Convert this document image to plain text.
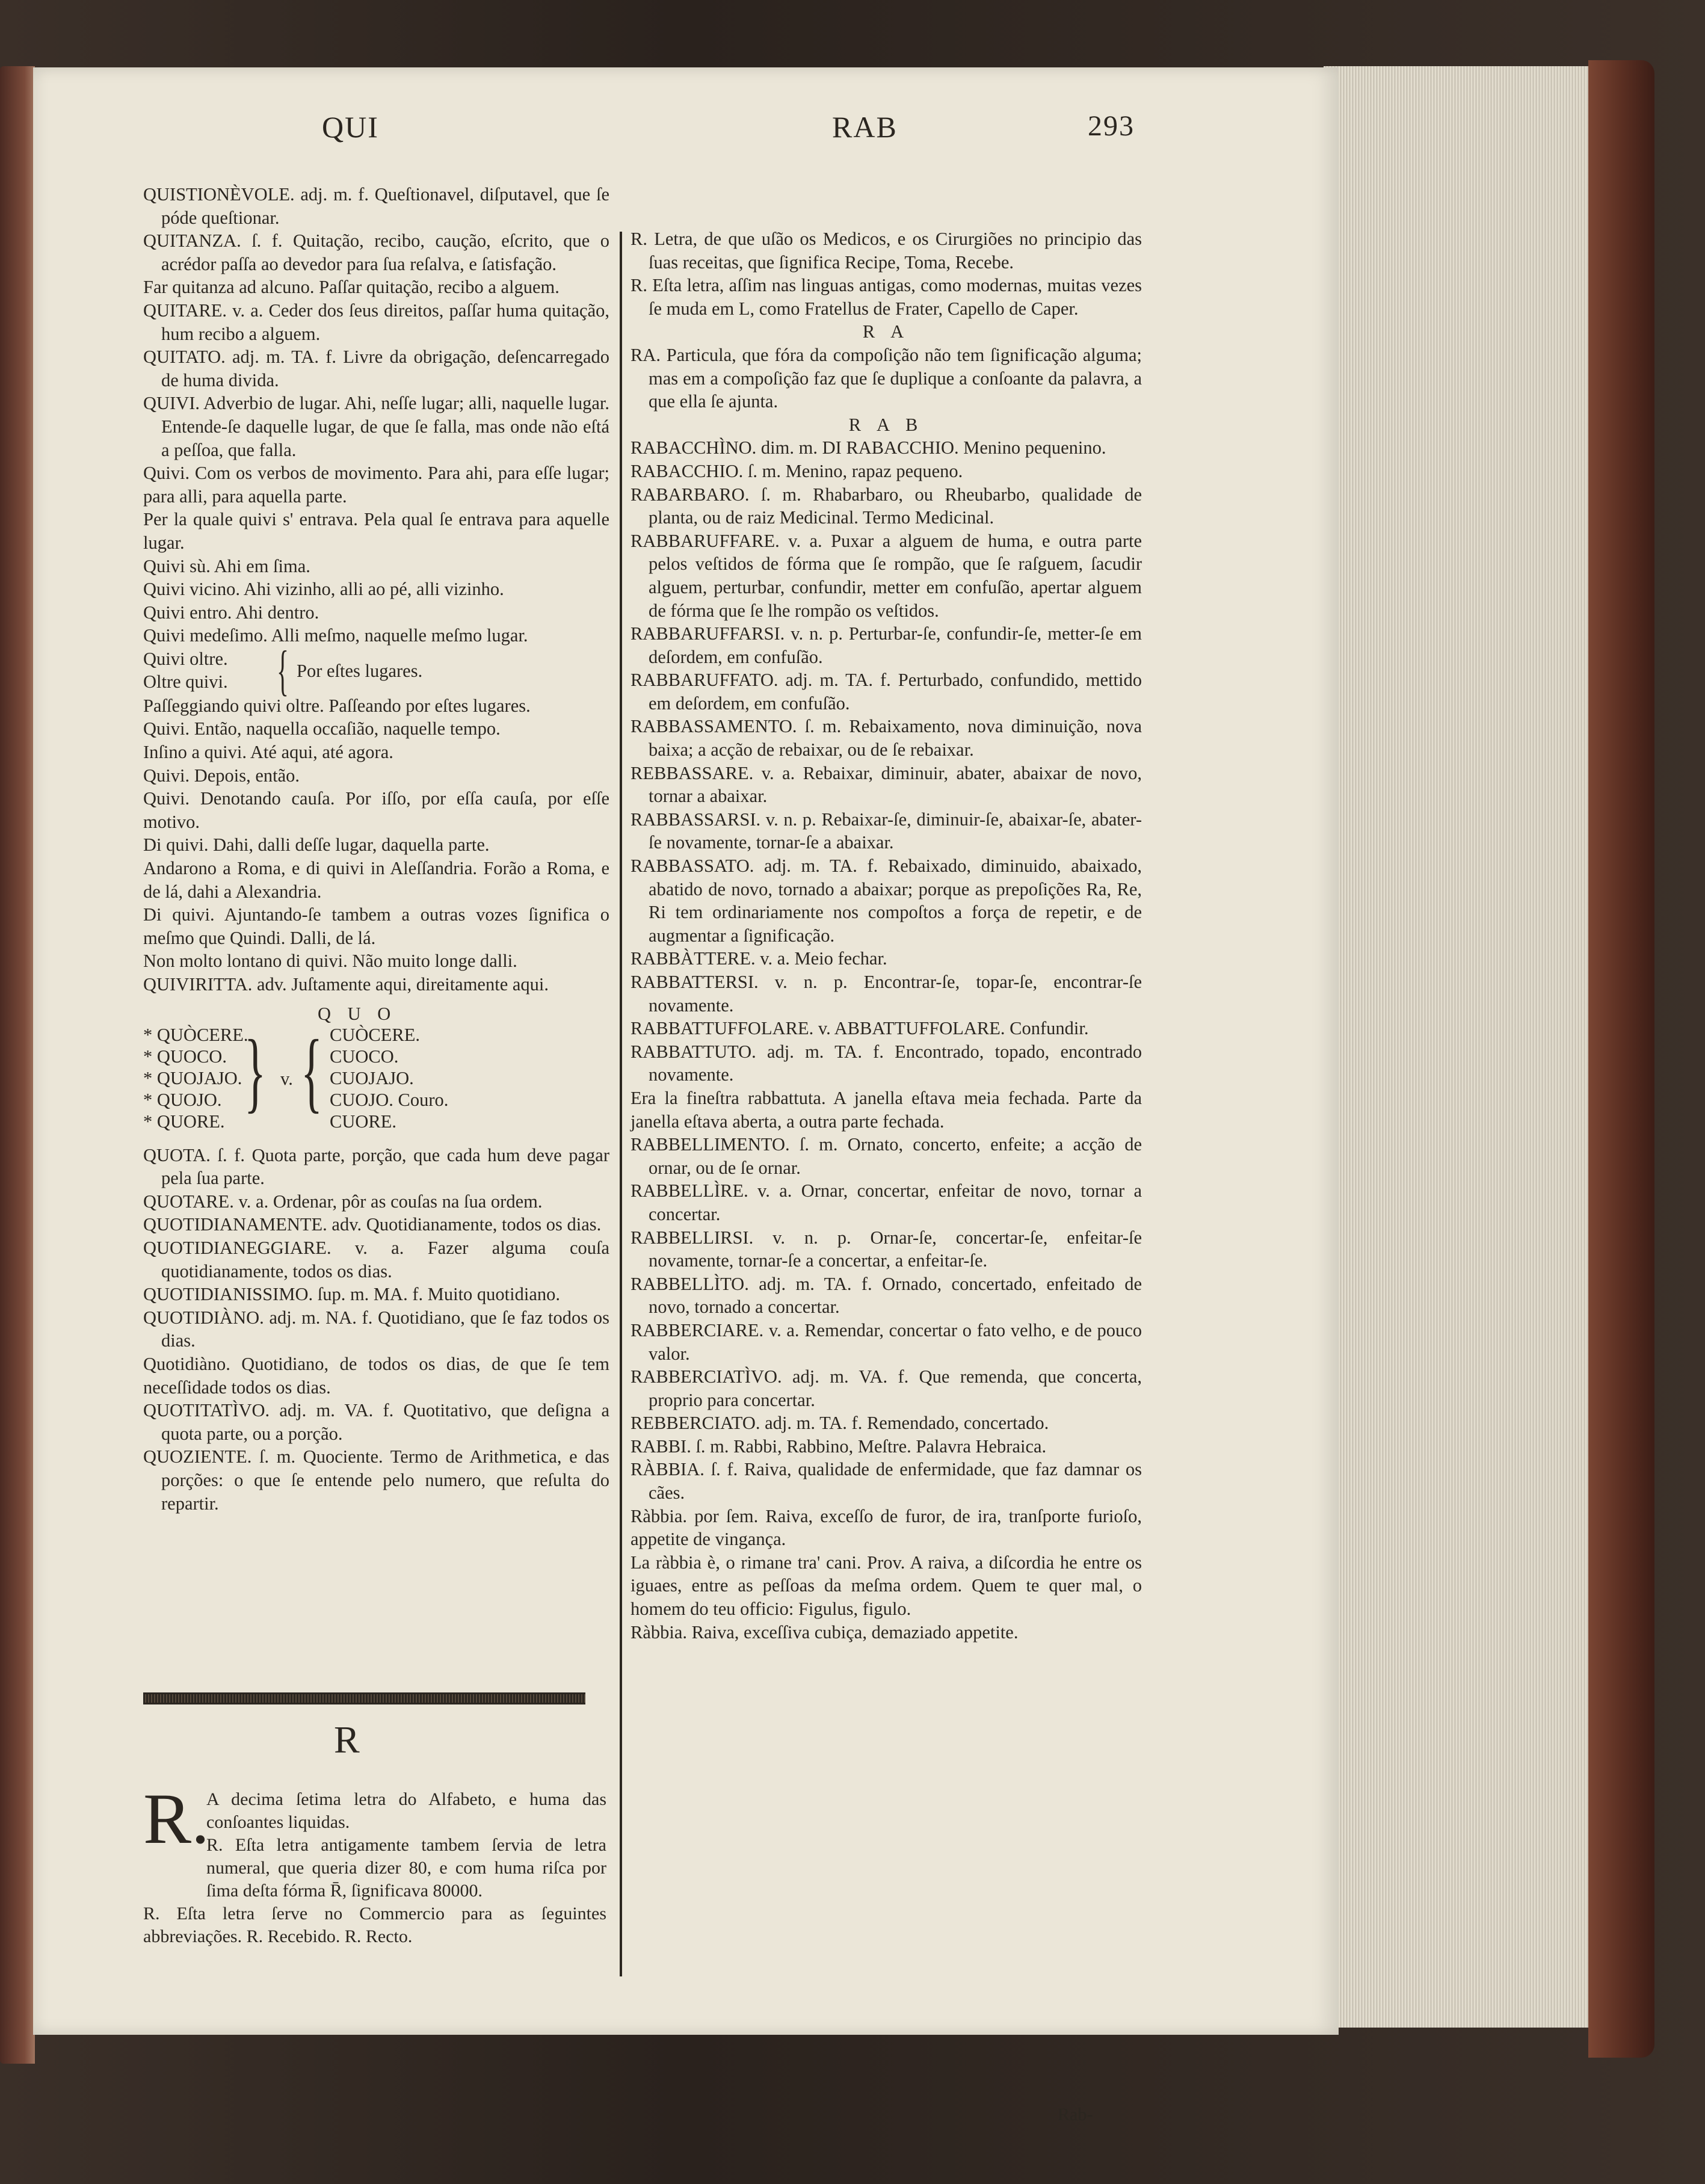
QUI	RAB	293

QUISTIONÈVOLE. adj. m. f. Queſtionavel, diſputavel, que ſe póde queſtionar.

QUITANZA. ſ. f. Quitação, recibo, caução, eſcrito, que o acrédor paſſa ao devedor para ſua reſalva, e ſatisfação.

Far quitanza ad alcuno. Paſſar quitação, recibo a alguem.

QUITARE. v. a. Ceder dos ſeus direitos, paſſar huma quitação, hum recibo a alguem.

QUITATO. adj. m. TA. f. Livre da obrigação, deſencarregado de huma divida.

QUIVI. Adverbio de lugar. Ahi, neſſe lugar; alli, naquelle lugar. Entende-ſe daquelle lugar, de que ſe falla, mas onde não eſtá a peſſoa, que falla.

Quivi. Com os verbos de movimento. Para ahi, para eſſe lugar; para alli, para aquella parte.

Per la quale quivi s' entrava. Pela qual ſe entrava para aquelle lugar.

Quivi sù. Ahi em ſima.

Quivi vicino. Ahi vizinho, alli ao pé, alli vizinho.

Quivi entro. Ahi dentro.

Quivi medeſimo. Alli meſmo, naquelle meſmo lugar.

Quivi oltre.
Oltre quivi. { Por eſtes lugares.

Paſſeggiando quivi oltre. Paſſeando por eſtes lugares.

Quivi. Então, naquella occaſião, naquelle tempo.

Inſino a quivi. Até aqui, até agora.

Quivi. Depois, então.

Quivi. Denotando cauſa. Por iſſo, por eſſa cauſa, por eſſe motivo.

Di quivi. Dahi, dalli deſſe lugar, daquella parte.

Andarono a Roma, e di quivi in Aleſſandria. Forão a Roma, e de lá, dahi a Alexandria.

Di quivi. Ajuntando-ſe tambem a outras vozes ſignifica o meſmo que Quindi. Dalli, de lá.

Non molto lontano di quivi. Não muito longe dalli.

QUIVIRITTA. adv. Juſtamente aqui, direitamente aqui.

Q U O
* QUÒCERE.
* QUOCO.
* QUOJAJO.
* QUOJO.
* QUORE. } v. { CUÒCERE.
CUOCO.
CUOJAJO.
CUOJO. Couro.
CUORE.

QUOTA. ſ. f. Quota parte, porção, que cada hum deve pagar pela ſua parte.

QUOTARE. v. a. Ordenar, pôr as couſas na ſua ordem.

QUOTIDIANAMENTE. adv. Quotidianamente, todos os dias.

QUOTIDIANEGGIARE. v. a. Fazer alguma couſa quotidianamente, todos os dias.

QUOTIDIANISSIMO. ſup. m. MA. f. Muito quotidiano.

QUOTIDIÀNO. adj. m. NA. f. Quotidiano, que ſe faz todos os dias.

Quotidiàno. Quotidiano, de todos os dias, de que ſe tem neceſſidade todos os dias.

QUOTITATÌVO. adj. m. VA. f. Quotitativo, que deſigna a quota parte, ou a porção.

QUOZIENTE. ſ. m. Quociente. Termo de Arithmetica, e das porções: o que ſe entende pelo numero, que reſulta do repartir.

R
R.
A decima ſetima letra do Alfabeto, e huma das conſoantes liquidas.
R. Eſta letra antigamente tambem ſervia de letra numeral, que queria dizer 80, e com huma riſca por ſima deſta fórma R̄, ſignificava 80000.
R. Eſta letra ſerve no Commercio para as ſeguintes abbreviações. R. Recebido. R. Recto.

R. Letra, de que uſão os Medicos, e os Cirurgiões no principio das ſuas receitas, que ſignifica Recipe, Toma, Recebe.

R. Eſta letra, aſſim nas linguas antigas, como modernas, muitas vezes ſe muda em L, como Fratellus de Frater, Capello de Caper.

R A

RA. Particula, que fóra da compoſição não tem ſignificação alguma; mas em a compoſição faz que ſe duplique a conſoante da palavra, a que ella ſe ajunta.

R A B

RABACCHÌNO. dim. m. DI RABACCHIO. Menino pequenino.

RABACCHIO. ſ. m. Menino, rapaz pequeno.

RABARBARO. ſ. m. Rhabarbaro, ou Rheubarbo, qualidade de planta, ou de raiz Medicinal. Termo Medicinal.

RABBARUFFARE. v. a. Puxar a alguem de huma, e outra parte pelos veſtidos de fórma que ſe rompão, que ſe raſguem, ſacudir alguem, perturbar, confundir, metter em confuſão, apertar alguem de fórma que ſe lhe rompão os veſtidos.

RABBARUFFARSI. v. n. p. Perturbar-ſe, confundir-ſe, metter-ſe em deſordem, em confuſão.

RABBARUFFATO. adj. m. TA. f. Perturbado, confundido, mettido em deſordem, em confuſão.

RABBASSAMENTO. ſ. m. Rebaixamento, nova diminuição, nova baixa; a acção de rebaixar, ou de ſe rebaixar.

REBBASSARE. v. a. Rebaixar, diminuir, abater, abaixar de novo, tornar a abaixar.

RABBASSARSI. v. n. p. Rebaixar-ſe, diminuir-ſe, abaixar-ſe, abater-ſe novamente, tornar-ſe a abaixar.

RABBASSATO. adj. m. TA. f. Rebaixado, diminuido, abaixado, abatido de novo, tornado a abaixar; porque as prepoſições Ra, Re, Ri tem ordinariamente nos compoſtos a força de repetir, e de augmentar a ſignificação.

RABBÀTTERE. v. a. Meio fechar.

RABBATTERSI. v. n. p. Encontrar-ſe, topar-ſe, encontrar-ſe novamente.

RABBATTUFFOLARE. v. ABBATTUFFOLARE. Confundir.

RABBATTUTO. adj. m. TA. f. Encontrado, topado, encontrado novamente.

Era la fineſtra rabbattuta. A janella eſtava meia fechada. Parte da janella eſtava aberta, a outra parte fechada.

RABBELLIMENTO. ſ. m. Ornato, concerto, enfeite; a acção de ornar, ou de ſe ornar.

RABBELLÌRE. v. a. Ornar, concertar, enfeitar de novo, tornar a concertar.

RABBELLIRSI. v. n. p. Ornar-ſe, concertar-ſe, enfeitar-ſe novamente, tornar-ſe a concertar, a enfeitar-ſe.

RABBELLÌTO. adj. m. TA. f. Ornado, concertado, enfeitado de novo, tornado a concertar.

RABBERCIARE. v. a. Remendar, concertar o fato velho, e de pouco valor.

RABBERCIATÌVO. adj. m. VA. f. Que remenda, que concerta, proprio para concertar.

REBBERCIATO. adj. m. TA. f. Remendado, concertado.

RABBI. ſ. m. Rabbi, Rabbino, Meſtre. Palavra Hebraica.

RÀBBIA. ſ. f. Raiva, qualidade de enfermidade, que faz damnar os cães.

Ràbbia. por ſem. Raiva, exceſſo de furor, de ira, tranſporte furioſo, appetite de vingança.

La ràbbia è, o rimane tra' cani. Prov. A raiva, a diſcordia he entre os iguaes, entre as peſſoas da meſma ordem. Quem te quer mal, o homem do teu officio: Figulus, figulo.

Ràbbia. Raiva, exceſſiva cubiça, demaziado appetite.

Rab-
